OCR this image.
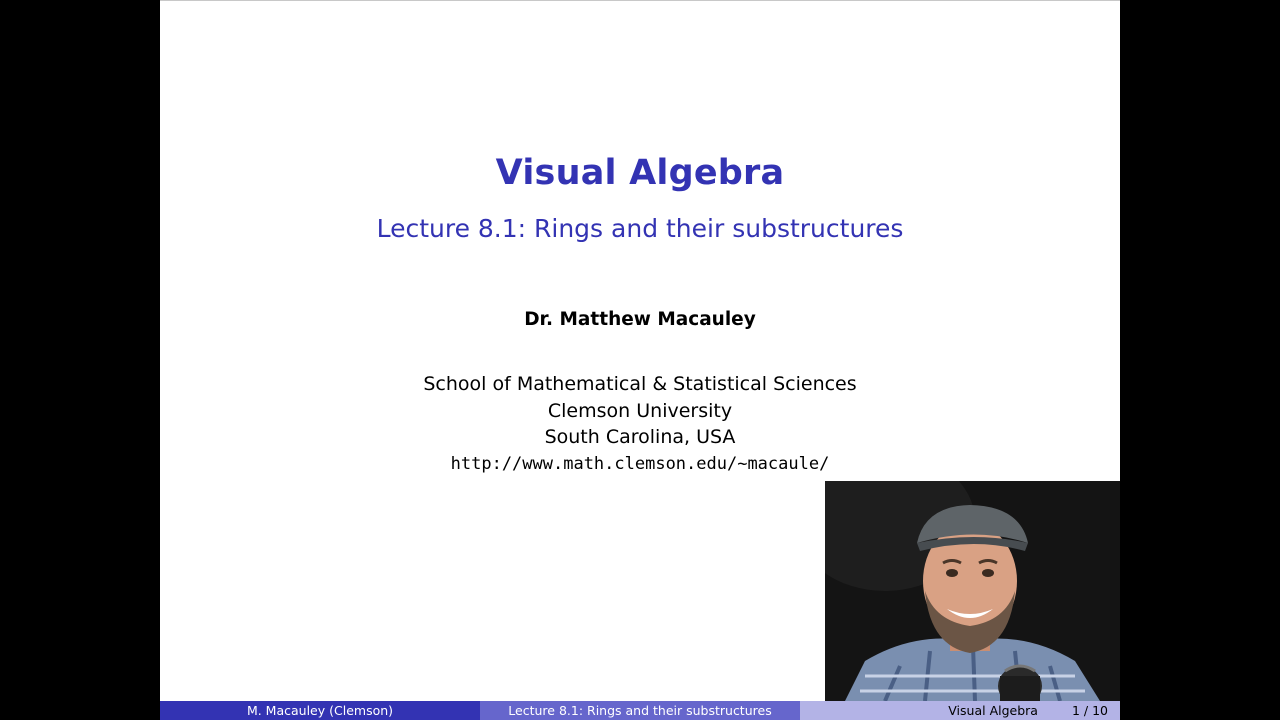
Visual Algebra
Lecture 8.1: Rings and their substructures
Dr. Matthew Macauley
School of Mathematical & Statistical Sciences
Clemson University
South Carolina, USA
http://www.math.clemson.edu/~macaule/
M. Macauley (Clemson)	Lecture 8.1: Rings and their substructures	Visual Algebra	1 / 10
